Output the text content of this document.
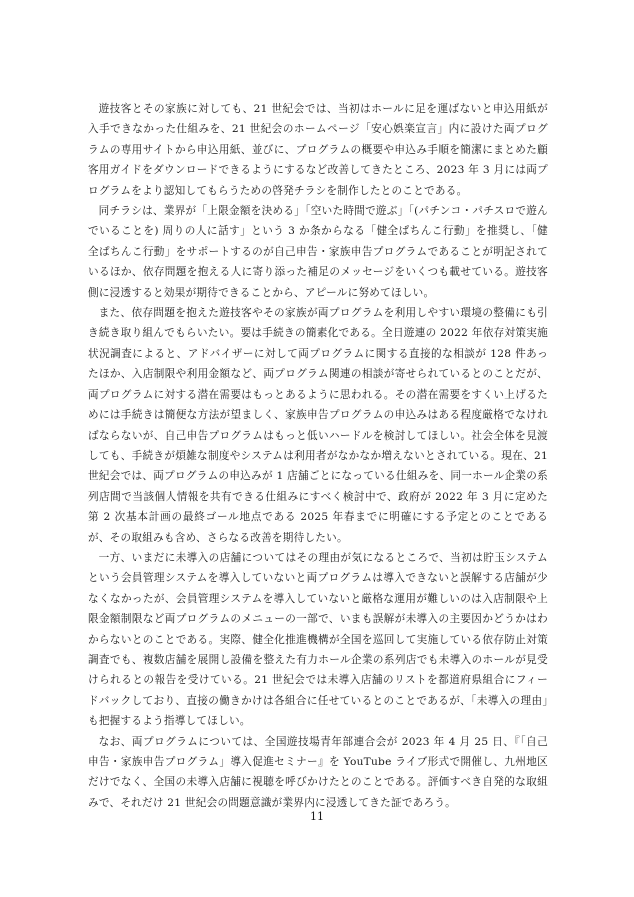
遊技客とその家族に対しても、21 世紀会では、当初はホールに足を運ばないと申込用紙が入手できなかった仕組みを、21 世紀会のホームページ「安心娯楽宣言」内に設けた両プログラムの専用サイトから申込用紙、並びに、プログラムの概要や申込み手順を簡潔にまとめた顧客用ガイドをダウンロードできるようにするなど改善してきたところ、2023 年 3 月には両プログラムをより認知してもらうための啓発チラシを制作したとのことである。

同チラシは、業界が「上限金額を決める」「空いた時間で遊ぶ」「(パチンコ・パチスロで遊んでいることを) 周りの人に話す」という 3 か条からなる「健全ぱちんこ行動」を推奨し、「健全ぱちんこ行動」をサポートするのが自己申告・家族申告プログラムであることが明記されているほか、依存問題を抱える人に寄り添った補足のメッセージをいくつも載せている。遊技客側に浸透すると効果が期待できることから、アピールに努めてほしい。

また、依存問題を抱えた遊技客やその家族が両プログラムを利用しやすい環境の整備にも引き続き取り組んでもらいたい。要は手続きの簡素化である。全日遊連の 2022 年依存対策実施状況調査によると、アドバイザーに対して両プログラムに関する直接的な相談が 128 件あったほか、入店制限や利用金額など、両プログラム関連の相談が寄せられているとのことだが、両プログラムに対する潜在需要はもっとあるように思われる。その潜在需要をすくい上げるためには手続きは簡便な方法が望ましく、家族申告プログラムの申込みはある程度厳格でなければならないが、自己申告プログラムはもっと低いハードルを検討してほしい。社会全体を見渡しても、手続きが煩雑な制度やシステムは利用者がなかなか増えないとされている。現在、21 世紀会では、両プログラムの申込みが 1 店舗ごとになっている仕組みを、同一ホール企業の系列店間で当該個人情報を共有できる仕組みにすべく検討中で、政府が 2022 年 3 月に定めた第 2 次基本計画の最終ゴール地点である 2025 年春までに明確にする予定とのことであるが、その取組みも含め、さらなる改善を期待したい。

一方、いまだに未導入の店舗についてはその理由が気になるところで、当初は貯玉システムという会員管理システムを導入していないと両プログラムは導入できないと誤解する店舗が少なくなかったが、会員管理システムを導入していないと厳格な運用が難しいのは入店制限や上限金額制限など両プログラムのメニューの一部で、いまも誤解が未導入の主要因かどうかはわからないとのことである。実際、健全化推進機構が全国を巡回して実施している依存防止対策調査でも、複数店舗を展開し設備を整えた有力ホール企業の系列店でも未導入のホールが見受けられるとの報告を受けている。21 世紀会では未導入店舗のリストを都道府県組合にフィードバックしており、直接の働きかけは各組合に任せているとのことであるが、「未導入の理由」も把握するよう指導してほしい。

なお、両プログラムについては、全国遊技場青年部連合会が 2023 年 4 月 25 日、『「自己申告・家族申告プログラム」導入促進セミナー』を YouTube ライブ形式で開催し、九州地区だけでなく、全国の未導入店舗に視聴を呼びかけたとのことである。評価すべき自発的な取組みで、それだけ 21 世紀会の問題意識が業界内に浸透してきた証であろう。

11
